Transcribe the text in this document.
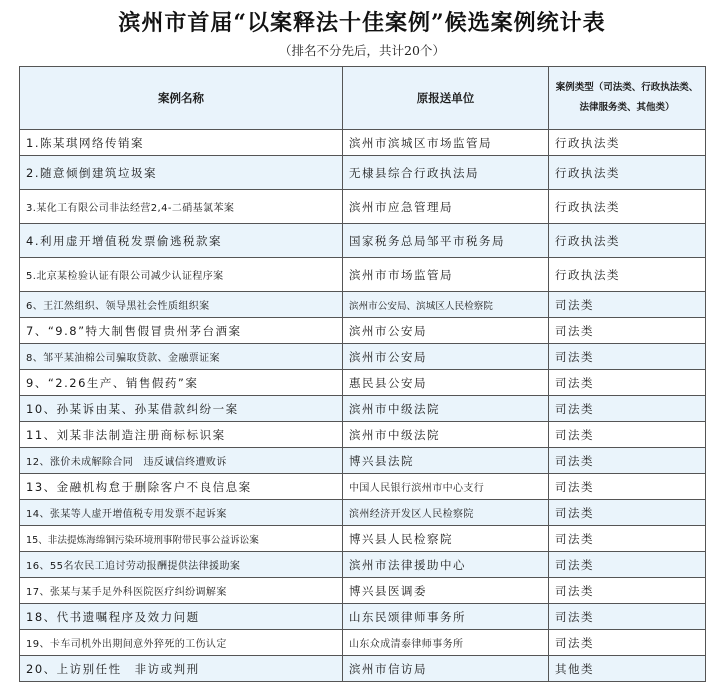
滨州市首届“以案释法十佳案例”候选案例统计表
（排名不分先后，共计20个）
案例名称	原报送单位	案例类型（司法类、行政执法类、
法律服务类、其他类）

1.陈某琪网络传销案	滨州市滨城区市场监管局	行政执法类
2.随意倾倒建筑垃圾案	无棣县综合行政执法局	行政执法类
3.某化工有限公司非法经营2,4-二硝基氯苯案	滨州市应急管理局	行政执法类
4.利用虚开增值税发票偷逃税款案	国家税务总局邹平市税务局	行政执法类
5.北京某检验认证有限公司减少认证程序案	滨州市市场监管局	行政执法类
6、王江然组织、领导黑社会性质组织案	滨州市公安局、滨城区人民检察院	司法类
7、“9.8”特大制售假冒贵州茅台酒案	滨州市公安局	司法类
8、邹平某油棉公司骗取贷款、金融票证案	滨州市公安局	司法类
9、“2.26生产、销售假药”案	惠民县公安局	司法类
10、孙某诉由某、孙某借款纠纷一案	滨州市中级法院	司法类
11、刘某非法制造注册商标标识案	滨州市中级法院	司法类
12、涨价未成解除合同　违反诚信终遭败诉	博兴县法院	司法类
13、金融机构怠于删除客户不良信息案	中国人民银行滨州市中心支行	司法类
14、张某等人虚开增值税专用发票不起诉案	滨州经济开发区人民检察院	司法类
15、非法提炼海绵铜污染环境刑事附带民事公益诉讼案	博兴县人民检察院	司法类
16、55名农民工追讨劳动报酬提供法律援助案	滨州市法律援助中心	司法类
17、张某与某手足外科医院医疗纠纷调解案	博兴县医调委	司法类
18、代书遗嘱程序及效力问题	山东民颂律师事务所	司法类
19、卡车司机外出期间意外猝死的工伤认定	山东众成清泰律师事务所	司法类
20、上访别任性　非访或判刑	滨州市信访局	其他类
